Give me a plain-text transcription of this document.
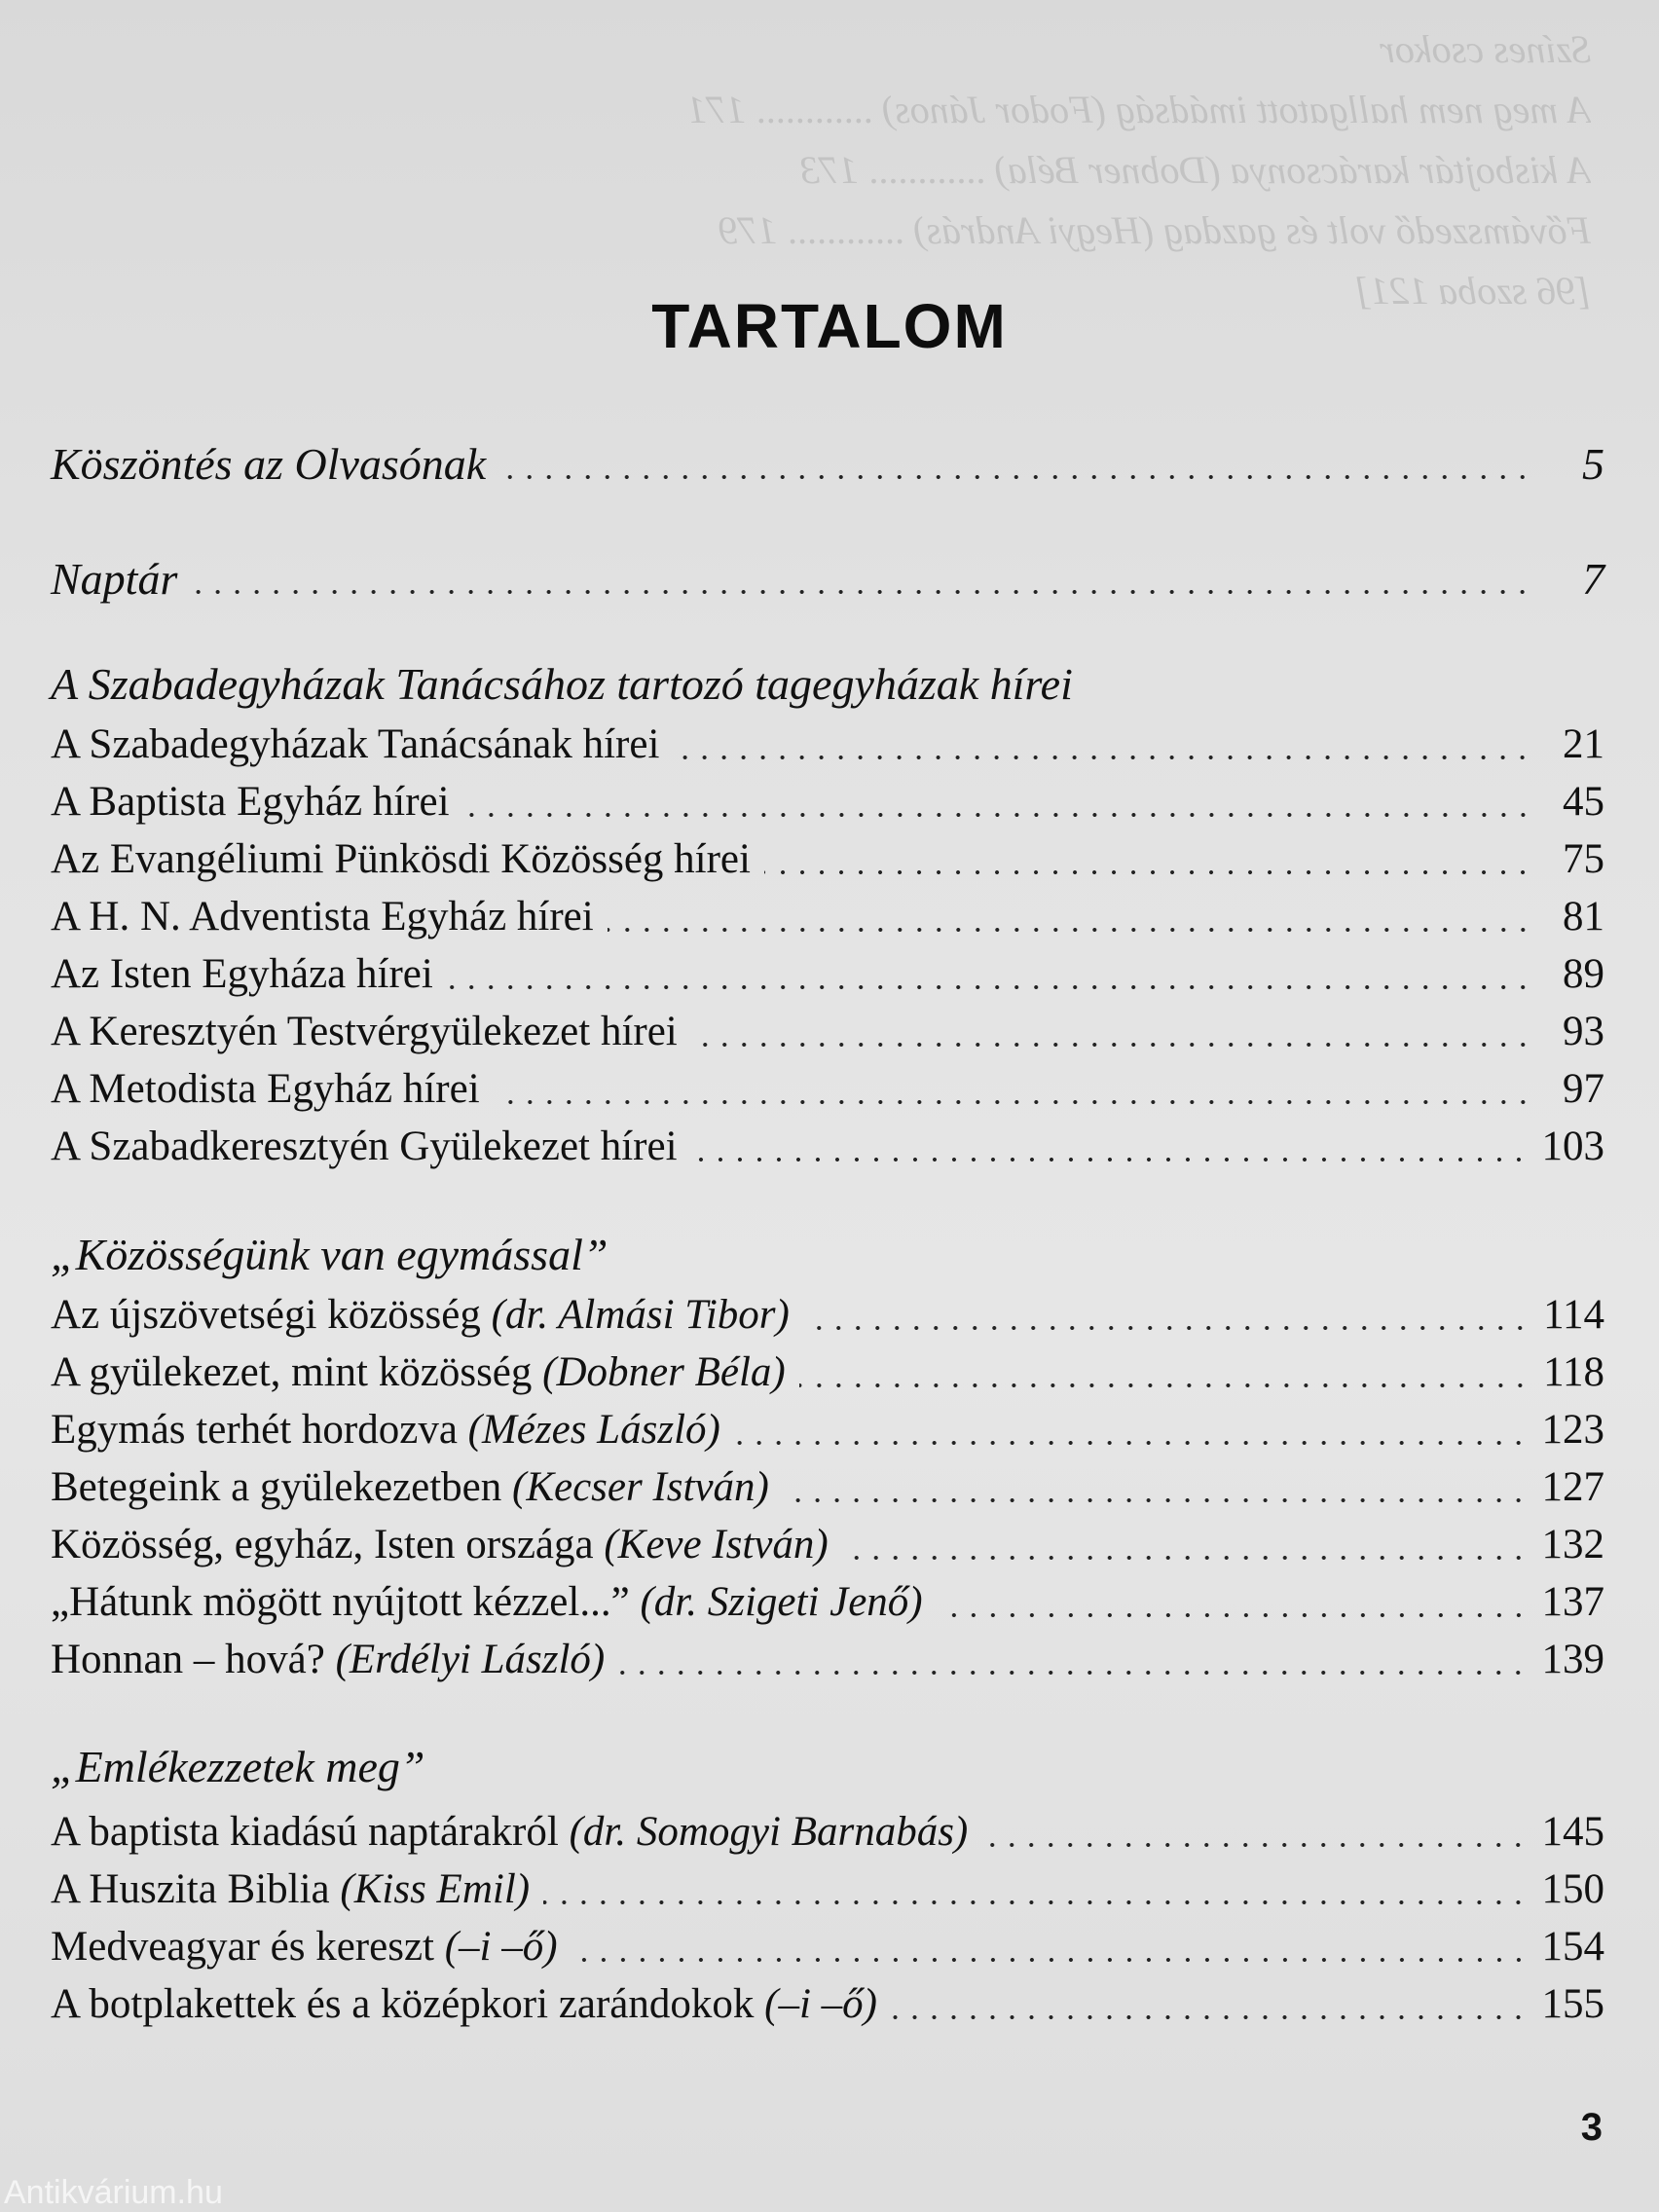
Színes csokor
A meg nem hallgatott imádság (Fodor János) ............ 171
A kisbojtár karácsonya (Dobner Béla) ............ 173
Fővámszedő volt és gazdag (Hegyi András) ............ 179
[96 szoba 121]
TARTALOM
Köszöntés az Olvasónak	5
Naptár	7
A Szabadegyházak Tanácsához tartozó tagegyházak hírei
A Szabadegyházak Tanácsának hírei	21
A Baptista Egyház hírei	45
Az Evangéliumi Pünkösdi Közösség hírei	75
A H. N. Adventista Egyház hírei	81
Az Isten Egyháza hírei	89
A Keresztyén Testvérgyülekezet hírei	93
A Metodista Egyház hírei	97
A Szabadkeresztyén Gyülekezet hírei	103
„Közösségünk van egymással”
Az újszövetségi közösség (dr. Almási Tibor)	114
A gyülekezet, mint közösség (Dobner Béla)	118
Egymás terhét hordozva (Mézes László)	123
Betegeink a gyülekezetben (Kecser István)	127
Közösség, egyház, Isten országa (Keve István)	132
„Hátunk mögött nyújtott kézzel...” (dr. Szigeti Jenő)	137
Honnan – hová? (Erdélyi László)	139
„Emlékezzetek meg”
A baptista kiadású naptárakról (dr. Somogyi Barnabás)	145
A Huszita Biblia (Kiss Emil)	150
Medveagyar és kereszt (–i –ő)	154
A botplakettek és a középkori zarándokok (–i –ő)	155
3
Antikvárium.hu
